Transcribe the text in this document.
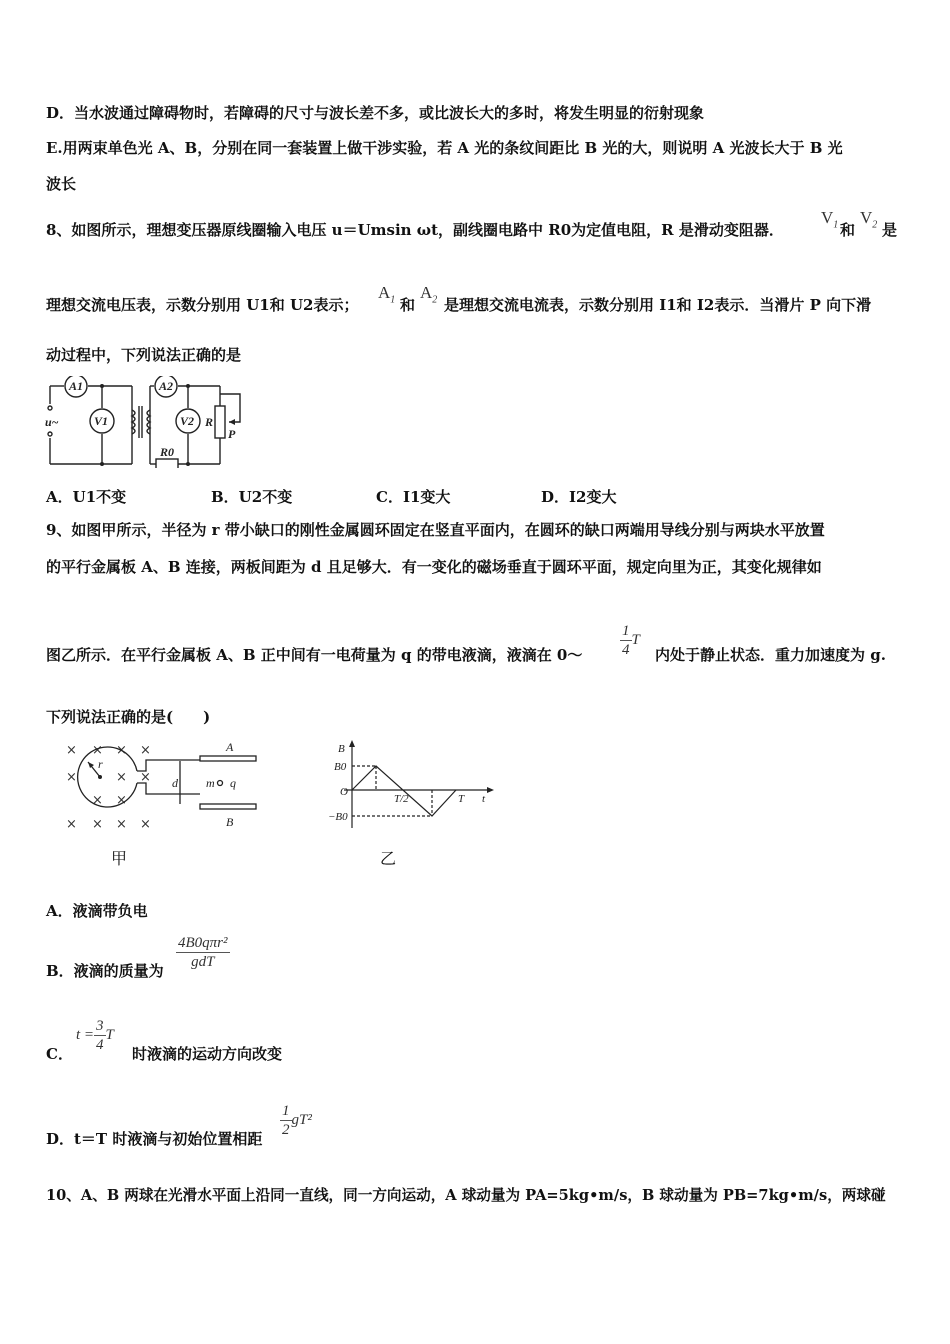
D．当水波通过障碍物时，若障碍的尺寸与波长差不多，或比波长大的多时，将发生明显的衍射现象
E.用两束单色光 A、B，分别在同一套装置上做干涉实验，若 A 光的条纹间距比 B 光的大，则说明 A 光波长大于 B 光
波长
8、如图所示，理想变压器原线圈输入电压 u＝Umsin ωt，副线圈电路中 R0为定值电阻，R 是滑动变阻器．
$V_1$ 和
$V_2$ 是
理想交流电压表，示数分别用 U1和 U2表示；
$A_1$ 和
$A_2$ 是理想交流电流表，示数分别用 I1和 I2表示．当滑片 P 向下滑
动过程中，下列说法正确的是
u~
A1	A2
V1	V2
R0
R
P
A．U1不变	B．U2不变	C．I1变大	D．I2变大
9、如图甲所示，半径为 r 带小缺口的刚性金属圆环固定在竖直平面内，在圆环的缺口两端用导线分别与两块水平放置
的平行金属板 A、B 连接，两板间距为 d 且足够大．有一变化的磁场垂直于圆环平面，规定向里为正，其变化规律如
图乙所示．在平行金属板 A、B 正中间有一电荷量为 q 的带电液滴，液滴在 0～	$\frac{1}{4}$ T
内处于静止状态．重力加速度为 g.
下列说法正确的是(　　)
× × × ×
×	× ×
× ×
× × × ×
A
B
r
d m q
甲
B
B0
O
−B0
T/2	T t
乙
A．液滴带负电
B．液滴的质量为 $\frac{\text{4B0qπr²}}{\text{gdT}}$
C．
$t = \frac{3}{4}$ T
时液滴的运动方向改变
D．t＝T 时液滴与初始位置相距 $\frac{1}{2} gT^2$
10、A、B 两球在光滑水平面上沿同一直线，同一方向运动，A 球动量为 PA=5kg•m/s，B 球动量为 PB=7kg•m/s，两球碰
